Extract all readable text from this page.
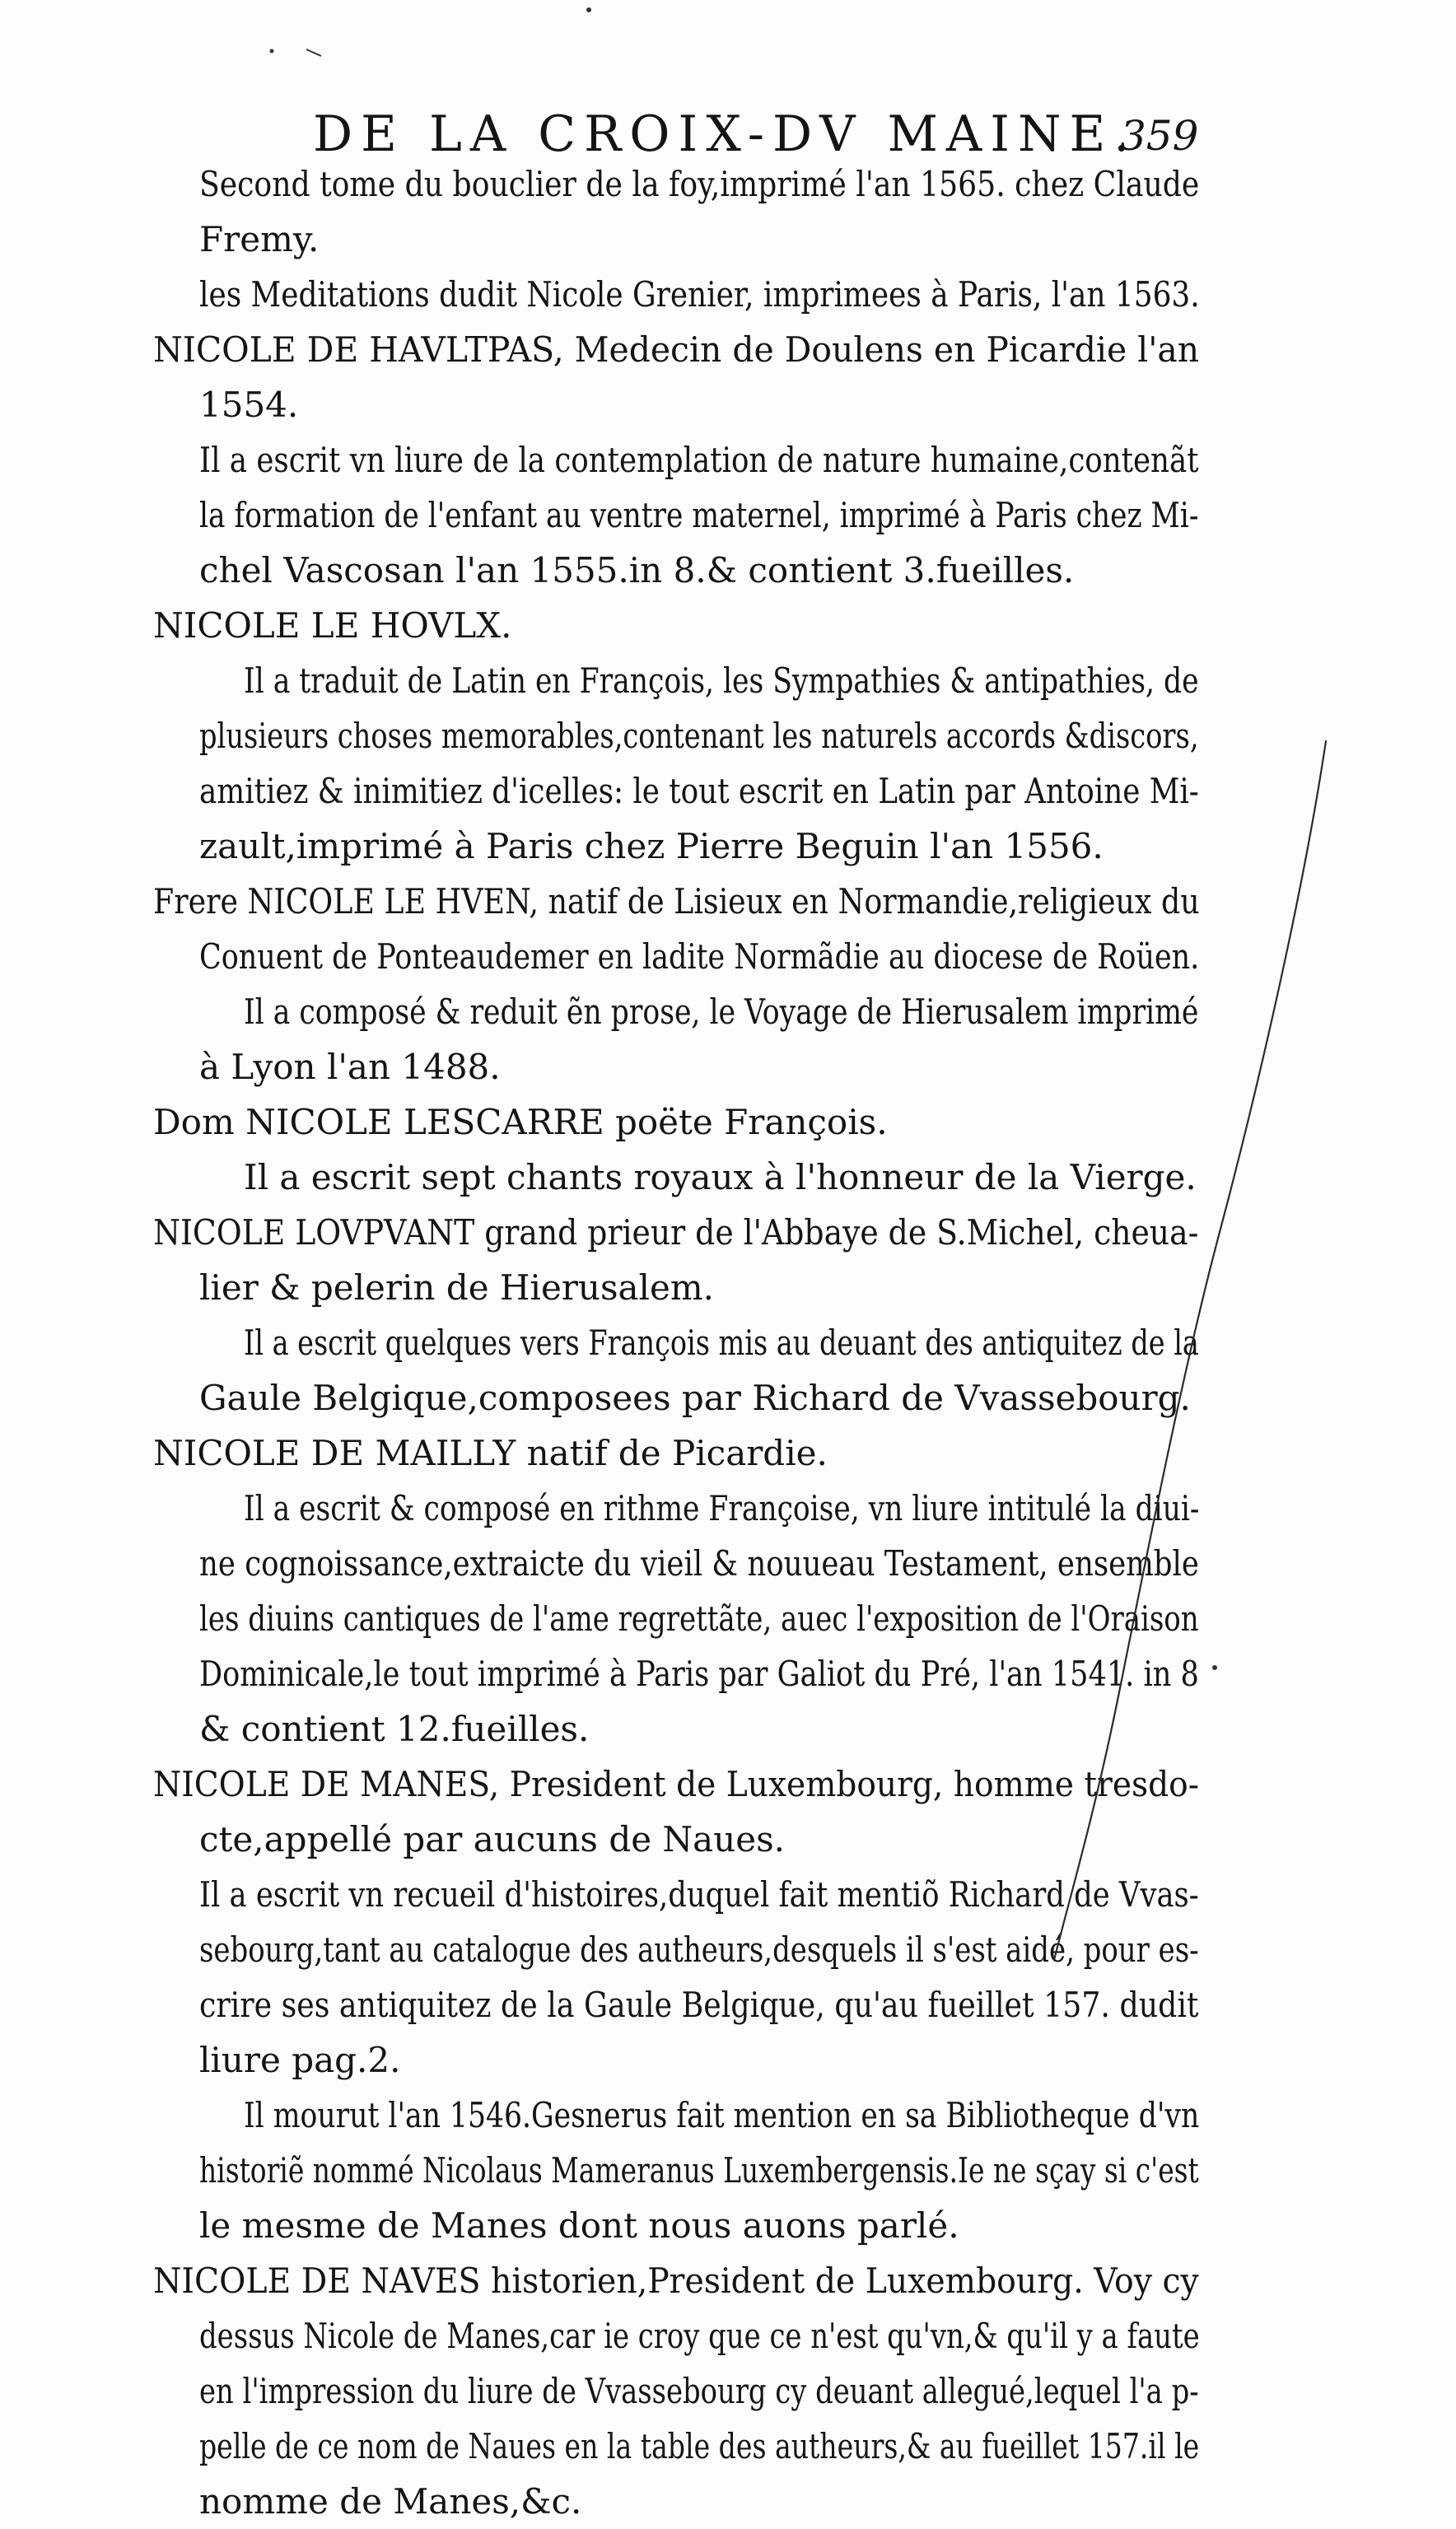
DE LA CROIX-DV MAINE.
359
Second tome du bouclier de la foy,imprimé l'an 1565. chez Claude
Fremy.
les Meditations dudit Nicole Grenier, imprimees à Paris, l'an 1563.
NICOLE DE HAVLTPAS, Medecin de Doulens en Picardie l'an
1554.
Il a escrit vn liure de la contemplation de nature humaine,contenãt
la formation de l'enfant au ventre maternel, imprimé à Paris chez Mi-
chel Vascosan l'an 1555.in 8.& contient 3.fueilles.
NICOLE LE HOVLX.
Il a traduit de Latin en François, les Sympathies & antipathies, de
plusieurs choses memorables,contenant les naturels accords &discors,
amitiez & inimitiez d'icelles: le tout escrit en Latin par Antoine Mi-
zault,imprimé à Paris chez Pierre Beguin l'an 1556.
Frere NICOLE LE HVEN, natif de Lisieux en Normandie,religieux du
Conuent de Ponteaudemer en ladite Normãdie au diocese de Roüen.
Il a composé & reduit ẽn prose, le Voyage de Hierusalem imprimé
à Lyon l'an 1488.
Dom NICOLE LESCARRE poëte François.
Il a escrit sept chants royaux à l'honneur de la Vierge.
NICOLE LOVPVANT grand prieur de l'Abbaye de S.Michel, cheua-
lier & pelerin de Hierusalem.
Il a escrit quelques vers François mis au deuant des antiquitez de la
Gaule Belgique,composees par Richard de Vvassebourg.
NICOLE DE MAILLY natif de Picardie.
Il a escrit & composé en rithme Françoise, vn liure intitulé la diui-
ne cognoissance,extraicte du vieil & nouueau Testament, ensemble
les diuins cantiques de l'ame regrettãte, auec l'exposition de l'Oraison
Dominicale,le tout imprimé à Paris par Galiot du Pré, l'an 1541. in 8
& contient 12.fueilles.
NICOLE DE MANES, President de Luxembourg, homme tresdo-
cte,appellé par aucuns de Naues.
Il a escrit vn recueil d'histoires,duquel fait mentiõ Richard de Vvas-
sebourg,tant au catalogue des autheurs,desquels il s'est aidé, pour es-
crire ses antiquitez de la Gaule Belgique, qu'au fueillet 157. dudit
liure pag.2.
Il mourut l'an 1546.Gesnerus fait mention en sa Bibliotheque d'vn
historiẽ nommé Nicolaus Mameranus Luxembergensis.Ie ne sçay si c'est
le mesme de Manes dont nous auons parlé.
NICOLE DE NAVES historien,President de Luxembourg. Voy cy
dessus Nicole de Manes,car ie croy que ce n'est qu'vn,& qu'il y a faute
en l'impression du liure de Vvassebourg cy deuant allegué,lequel l'a p-
pelle de ce nom de Naues en la table des autheurs,& au fueillet 157.il le
nomme de Manes,&c.
